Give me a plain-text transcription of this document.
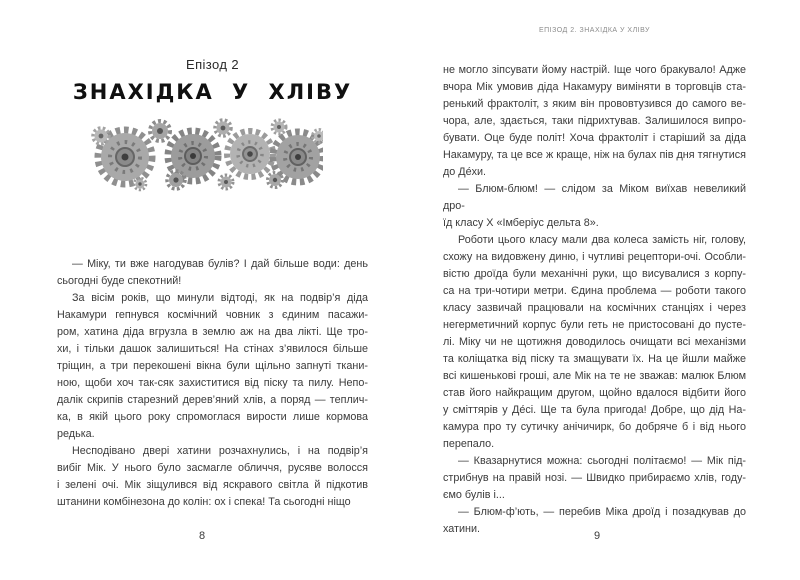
Епізод 2
ЗНАХІДКА У ХЛІВУ
— Міку, ти вже нагодував булів? І дай більше води: день
сьогодні буде спекотний!
За вісім років, що минули відтоді, як на подвір’я діда
Накамури гепнувся космічний човник з єдиним пасажи-
ром, хатина діда вгрузла в землю аж на два лікті. Ще тро-
хи, і тільки дашок залишиться! На стінах з’явилося більше
тріщин, а три перекошені вікна були щільно запнуті ткани-
ною, щоби хоч так-сяк захиститися від піску та пилу. Непо-
далік скрипів старезний дерев’яний хлів, а поряд — теплич-
ка, в якій цього року спромоглася вирости лише кормова
редька.
Несподівано двері хатини розчахнулись, і на подвір’я
вибіг Мік. У нього було засмагле обличчя, русяве волосся
і зелені очі. Мік зіщулився від яскравого світла й підкотив
штанини комбінезона до колін: ох і спека! Та сьогодні ніщо
8
ЕПІЗОД 2. ЗНАХІДКА У ХЛІВУ
не могло зіпсувати йому настрій. Іще чого бракувало! Адже
вчора Мік умовив діда Накамуру виміняти в торговців ста-
ренький фрактоліт, з яким він прововтузився до самого ве-
чора, але, здається, таки підрихтував. Залишилося випро-
бувати. Оце буде політ! Хоча фрактоліт і старіший за діда
Накамуру, та це все ж краще, ніж на булах пів дня тягнутися
до Де́хи.
— Блюм-блюм! — слідом за Міком виїхав невеликий дро-
їд класу Х «Імберіус дельта 8».
Роботи цього класу мали два колеса замість ніг, голову,
схожу на видовжену диню, і чутливі рецептори-очі. Особли-
вістю дроїда були механічні руки, що висувалися з корпу-
са на три-чотири метри. Єдина проблема — роботи такого
класу зазвичай працювали на космічних станціях і через
негерметичний корпус були геть не пристосовані до пусте-
лі. Міку чи не щотижня доводилось очищати всі механізми
та коліщатка від піску та змащувати їх. На це йшли майже
всі кишенькові гроші, але Мік на те не зважав: малюк Блюм
став його найкращим другом, щойно вдалося відбити його
у сміттярів у Де́сі. Ще та була пригода! Добре, що дід На-
камура про ту сутичку анічичирк, бо добряче б і від нього
перепало.
— Квазарнутися можна: сьогодні політаємо! — Мік під-
стрибнув на правій нозі. — Швидко прибираємо хлів, году-
ємо булів і...
— Блюм-ф’ють, — перебив Міка дроїд і позадкував до
хатини.
9
